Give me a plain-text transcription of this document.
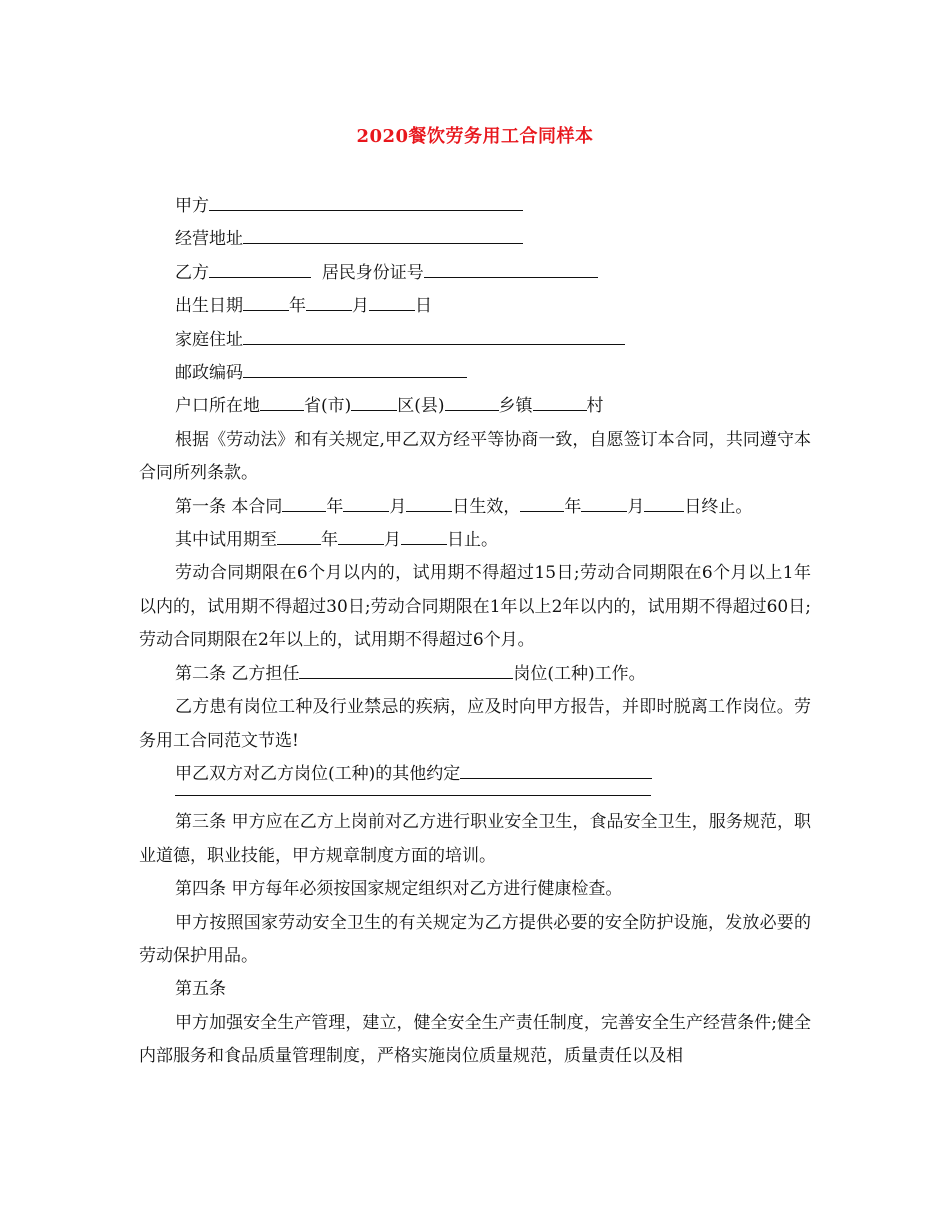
2020餐饮劳务用工合同样本

甲方

经营地址

乙方	居民身份证号

出生日期	年	月	日

家庭住址

邮政编码

户口所在地	省(市)	区(县)	乡镇	村

根据《劳动法》和有关规定,甲乙双方经平等协商一致，自愿签订本合同，共同遵守本合同所列条款。

第一条 本合同	年	月	日生效，	年	月 日终止。

其中试用期至	年	月	日止。

劳动合同期限在6个月以内的，试用期不得超过15日;劳动合同期限在6个月以上1年以内的，试用期不得超过30日;劳动合同期限在1年以上2年以内的，试用期不得超过60日;劳动合同期限在2年以上的，试用期不得超过6个月。

第二条 乙方担任	岗位(工种)工作。

乙方患有岗位工种及行业禁忌的疾病，应及时向甲方报告，并即时脱离工作岗位。劳务用工合同范文节选!

甲乙双方对乙方岗位(工种)的其他约定

第三条 甲方应在乙方上岗前对乙方进行职业安全卫生，食品安全卫生，服务规范，职业道德，职业技能，甲方规章制度方面的培训。

第四条 甲方每年必须按国家规定组织对乙方进行健康检查。

甲方按照国家劳动安全卫生的有关规定为乙方提供必要的安全防护设施，发放必要的劳动保护用品。

第五条

甲方加强安全生产管理，建立，健全安全生产责任制度，完善安全生产经营条件;健全内部服务和食品质量管理制度，严格实施岗位质量规范，质量责任以及相
